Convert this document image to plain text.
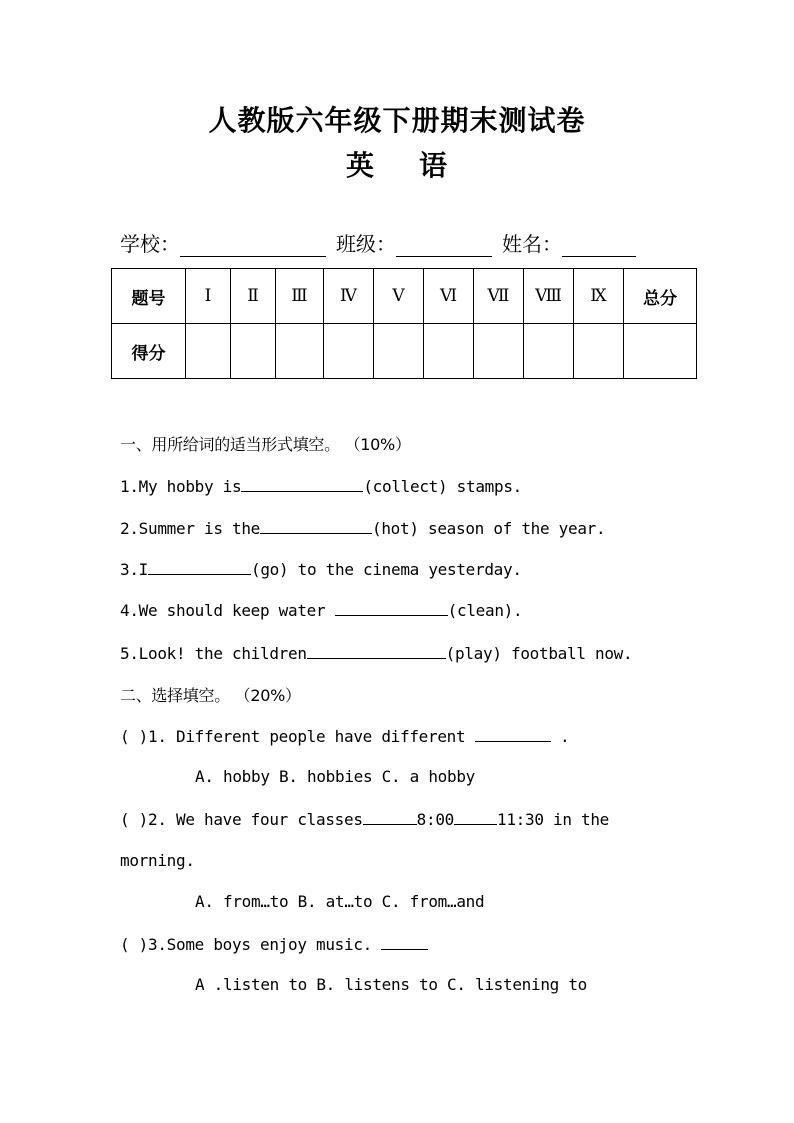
人教版六年级下册期末测试卷
英 语
学校：	班级：	姓名：
题号	Ⅰ	Ⅱ	Ⅲ	Ⅳ	Ⅴ	Ⅵ	Ⅶ	Ⅷ	Ⅸ	总分
得分										
一、用所给词的适当形式填空。 （10%）
1.My hobby is	(collect) stamps.
2.Summer is the	(hot) season of the year.
3.I	(go) to the cinema yesterday.
4.We should keep water	(clean).
5.Look! the children	(play) football now.
二、选择填空。 （20%）
( )1. Different people have different	.
A. hobby B. hobbies C. a hobby
( )2. We have four classes	8:00	11:30 in the
morning.
A. from…to B. at…to C. from…and
( )3.Some boys enjoy music.
A .listen to B. listens to C. listening to
